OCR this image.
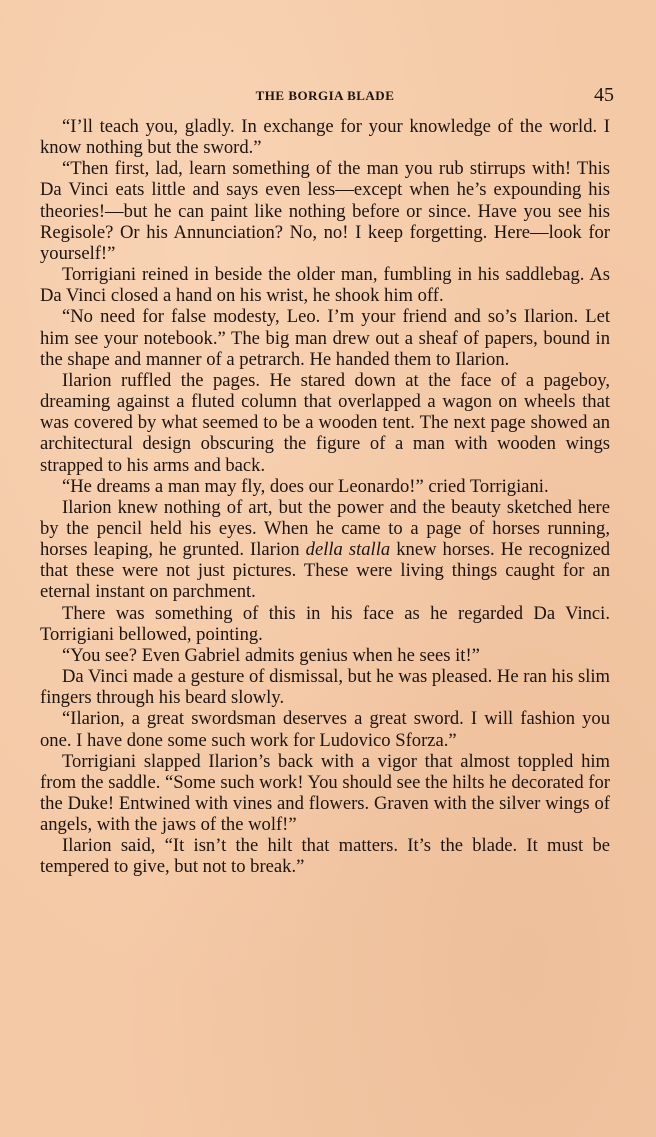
THE BORGIA BLADE	45

“I’ll teach you, gladly. In exchange for your knowledge of the world. I know nothing but the sword.”

“Then first, lad, learn something of the man you rub stirrups with! This Da Vinci eats little and says even less—except when he’s expounding his theories!—but he can paint like nothing before or since. Have you see his Regisole? Or his Annunciation? No, no! I keep forgetting. Here—look for yourself!”

Torrigiani reined in beside the older man, fumbling in his saddlebag. As Da Vinci closed a hand on his wrist, he shook him off.

“No need for false modesty, Leo. I’m your friend and so’s Ilarion. Let him see your notebook.” The big man drew out a sheaf of papers, bound in the shape and manner of a petrarch. He handed them to Ilarion.

Ilarion ruffled the pages. He stared down at the face of a pageboy, dreaming against a fluted column that overlapped a wagon on wheels that was covered by what seemed to be a wooden tent. The next page showed an architectural design obscuring the figure of a man with wooden wings strapped to his arms and back.

“He dreams a man may fly, does our Leonardo!” cried Torrigiani.

Ilarion knew nothing of art, but the power and the beauty sketched here by the pencil held his eyes. When he came to a page of horses running, horses leaping, he grunted. Ilarion della stalla knew horses. He recognized that these were not just pictures. These were living things caught for an eternal instant on parchment.

There was something of this in his face as he regarded Da Vinci. Torrigiani bellowed, pointing.

“You see? Even Gabriel admits genius when he sees it!”

Da Vinci made a gesture of dismissal, but he was pleased. He ran his slim fingers through his beard slowly.

“Ilarion, a great swordsman deserves a great sword. I will fashion you one. I have done some such work for Ludovico Sforza.”

Torrigiani slapped Ilarion’s back with a vigor that almost toppled him from the saddle. “Some such work! You should see the hilts he decorated for the Duke! Entwined with vines and flowers. Graven with the silver wings of angels, with the jaws of the wolf!”

Ilarion said, “It isn’t the hilt that matters. It’s the blade. It must be tempered to give, but not to break.”
